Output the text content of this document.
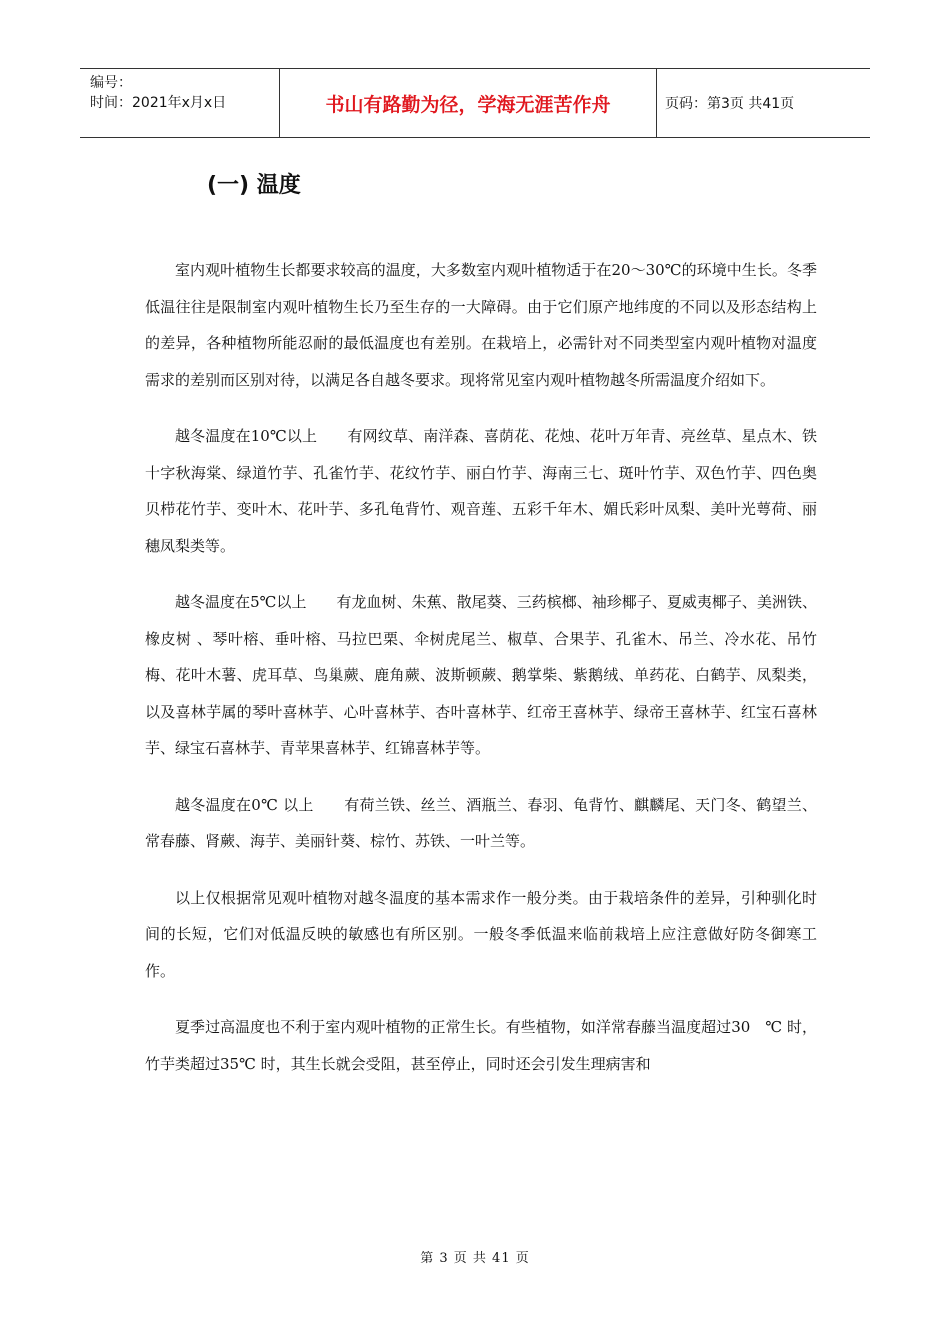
编号：
时间：2021年x月x日	书山有路勤为径，学海无涯苦作舟	页码：第3页 共41页
(一) 温度

室内观叶植物生长都要求较高的温度，大多数室内观叶植物适于在20～30℃的环境中生长。冬季低温往往是限制室内观叶植物生长乃至生存的一大障碍。由于它们原产地纬度的不同以及形态结构上的差异，各种植物所能忍耐的最低温度也有差别。在栽培上，必需针对不同类型室内观叶植物对温度需求的差别而区别对待，以满足各自越冬要求。现将常见室内观叶植物越冬所需温度介绍如下。

越冬温度在10℃以上　　有网纹草、南洋森、喜荫花、花烛、花叶万年青、亮丝草、星点木、铁十字秋海棠、绿道竹芋、孔雀竹芋、花纹竹芋、丽白竹芋、海南三七、斑叶竹芋、双色竹芋、四色奥贝栉花竹芋、变叶木、花叶芋、多孔龟背竹、观音莲、五彩千年木、媚氏彩叶凤梨、美叶光萼荷、丽穗凤梨类等。

越冬温度在5℃以上　　有龙血树、朱蕉、散尾葵、三药槟榔、袖珍椰子、夏威夷椰子、美洲铁、橡皮树 、琴叶榕、垂叶榕、马拉巴栗、伞树虎尾兰、椒草、合果芋、孔雀木、吊兰、冷水花、吊竹梅、花叶木薯、虎耳草、鸟巢蕨、鹿角蕨、波斯顿蕨、鹅掌柴、紫鹅绒、单药花、白鹤芋、凤梨类，以及喜林芋属的琴叶喜林芋、心叶喜林芋、杏叶喜林芋、红帝王喜林芋、绿帝王喜林芋、红宝石喜林芋、绿宝石喜林芋、青苹果喜林芋、红锦喜林芋等。

越冬温度在0℃ 以上　　有荷兰铁、丝兰、酒瓶兰、春羽、龟背竹、麒麟尾、天门冬、鹤望兰、常春藤、肾蕨、海芋、美丽针葵、棕竹、苏铁、一叶兰等。

以上仅根据常见观叶植物对越冬温度的基本需求作一般分类。由于栽培条件的差异，引种驯化时间的长短，它们对低温反映的敏感也有所区别。一般冬季低温来临前栽培上应注意做好防冬御寒工作。

夏季过高温度也不利于室内观叶植物的正常生长。有些植物，如洋常春藤当温度超过30　℃ 时，竹芋类超过35℃ 时，其生长就会受阻，甚至停止，同时还会引发生理病害和

第 3 页 共 41 页
